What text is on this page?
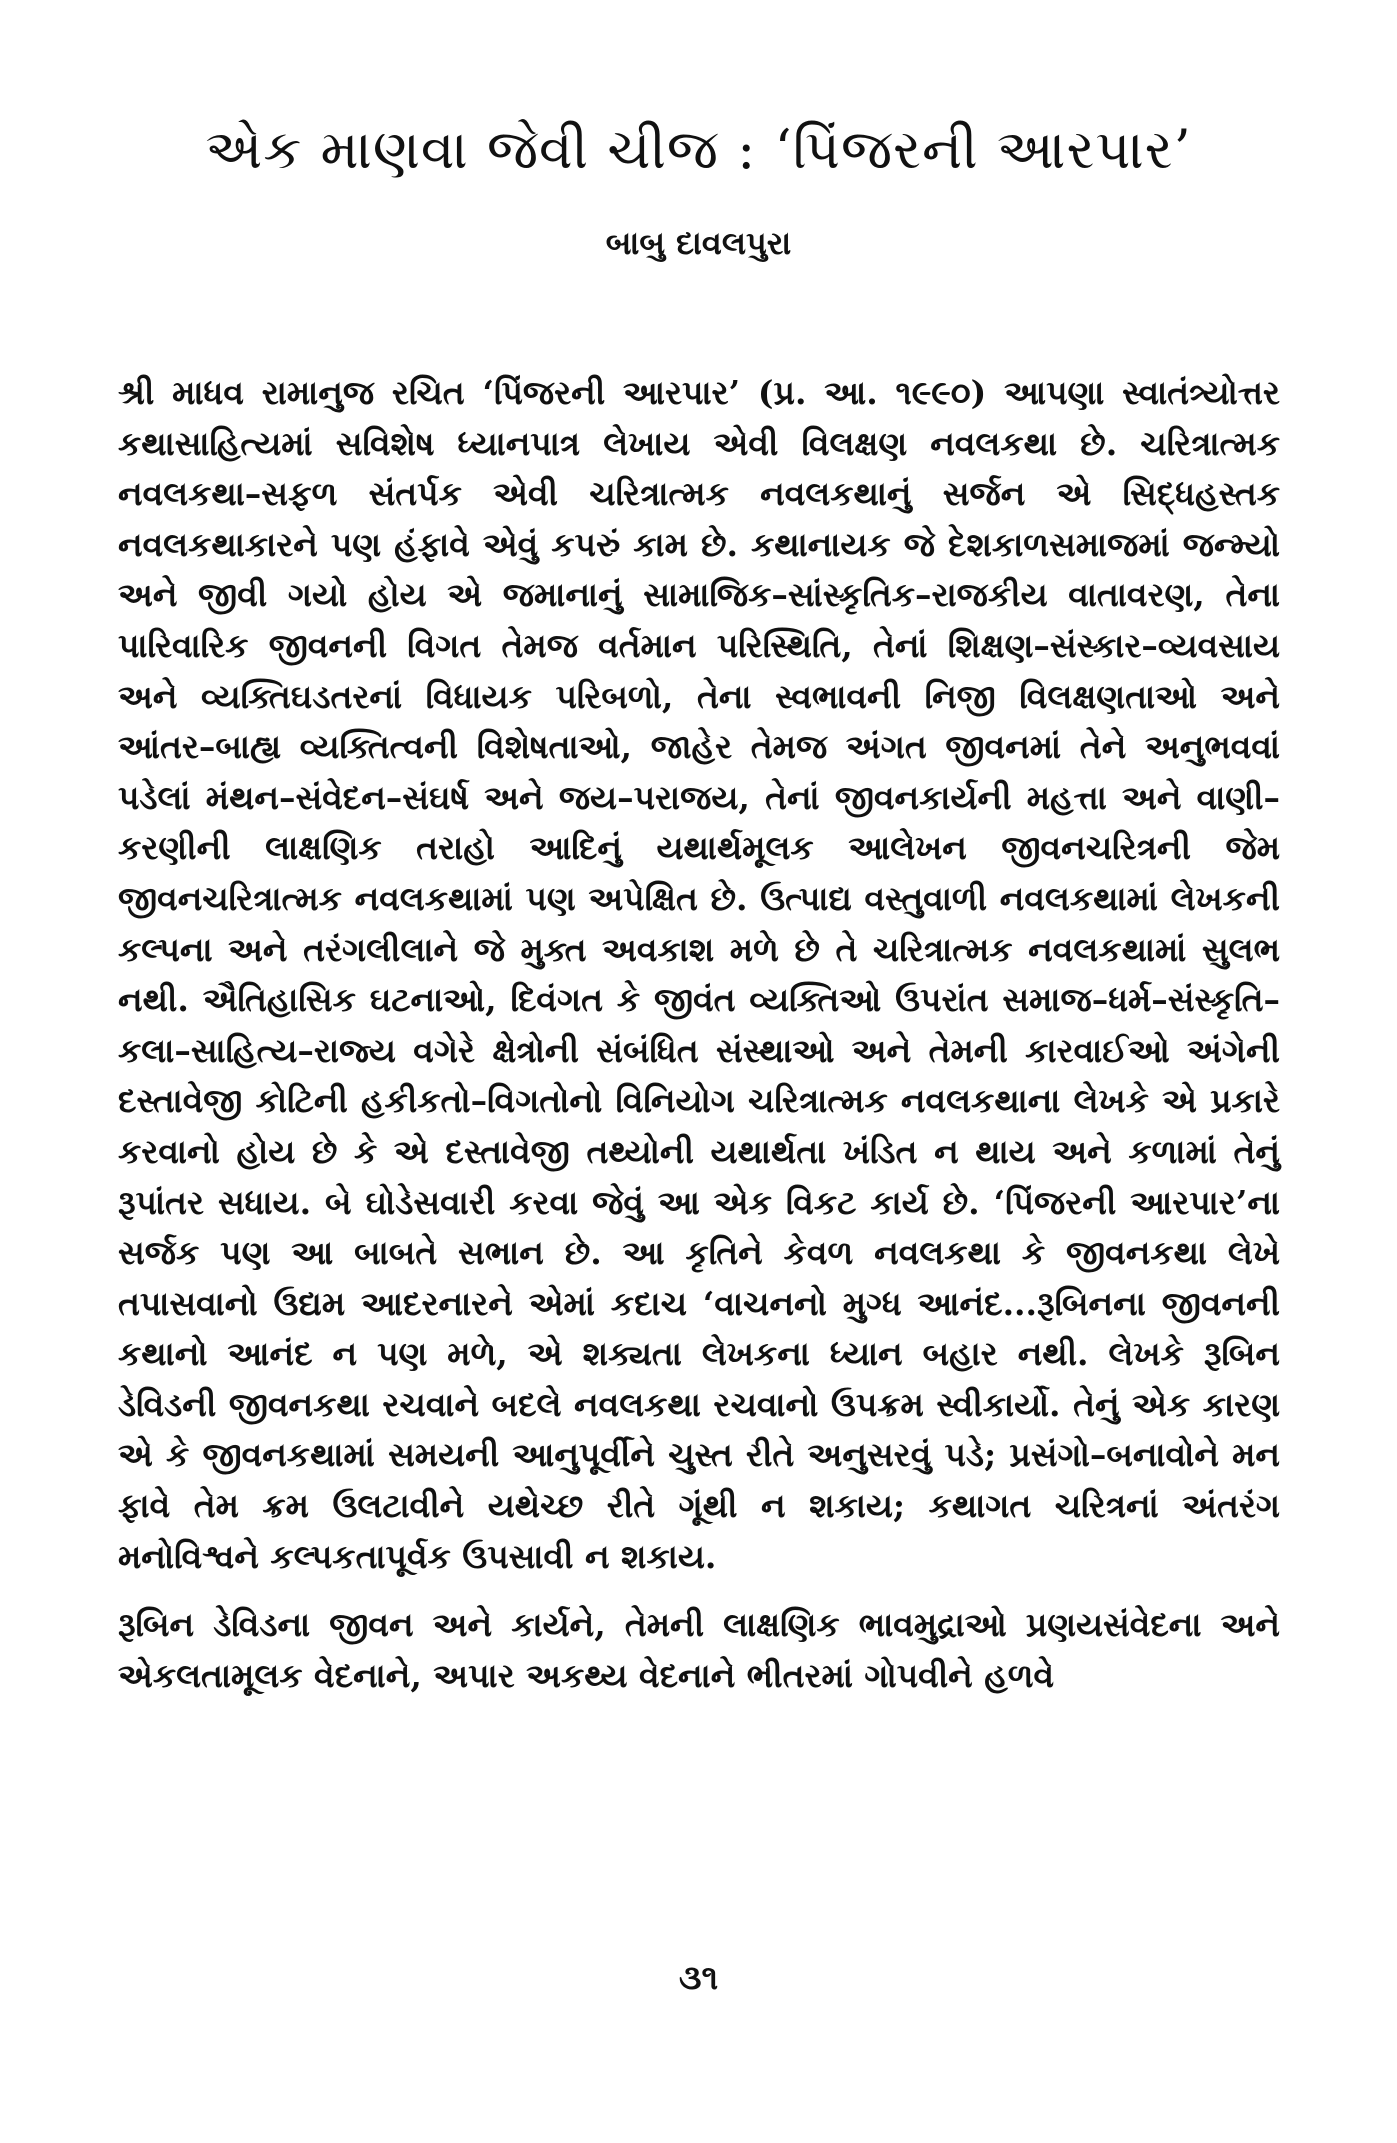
એક માણવા જેવી ચીજ : ‘પિંજરની આરપાર’
બાબુ દાવલપુરા

શ્રી માધવ રામાનુજ રચિત ‘પિંજરની આરપાર’ (પ્ર. આ. ૧૯૯૦) આપણા સ્વાતંત્ર્યોત્તર કથાસાહિત્યમાં સવિશેષ ધ્યાનપાત્ર લેખાય એવી વિલક્ષણ નવલકથા છે. ચરિત્રાત્મક નવલકથા–સફળ સંતર્પક એવી ચરિત્રાત્મક નવલકથાનું સર્જન એ સિદ્ધહસ્તક નવલકથાકારને પણ હંફાવે એવું કપરું કામ છે. કથાનાયક જે દેશકાળસમાજમાં જન્મ્યો અને જીવી ગયો હોય એ જમાનાનું સામાજિક–સાંસ્કૃતિક–રાજકીય વાતાવરણ, તેના પારિવારિક જીવનની વિગત તેમજ વર્તમાન પરિસ્થિતિ, તેનાં શિક્ષણ–સંસ્કાર–વ્યવસાય અને વ્યક્તિઘડતરનાં વિધાયક પરિબળો, તેના સ્વભાવની નિજી વિલક્ષણતાઓ અને આંતર–બાહ્ય વ્યક્તિત્વની વિશેષતાઓ, જાહેર તેમજ અંગત જીવનમાં તેને અનુભવવાં પડેલાં મંથન–સંવેદન–સંઘર્ષ અને જય–પરાજય, તેનાં જીવનકાર્યની મહત્તા અને વાણી–કરણીની લાક્ષણિક તરાહો આદિનું યથાર્થમૂલક આલેખન જીવનચરિત્રની જેમ જીવનચરિત્રાત્મક નવલકથામાં પણ અપેક્ષિત છે. ઉત્પાદ્ય વસ્તુવાળી નવલકથામાં લેખકની કલ્પના અને તરંગલીલાને જે મુક્ત અવકાશ મળે છે તે ચરિત્રાત્મક નવલકથામાં સુલભ નથી. ઐતિહાસિક ઘટનાઓ, દિવંગત કે જીવંત વ્યક્તિઓ ઉપરાંત સમાજ–ધર્મ–સંસ્કૃતિ–કલા–સાહિત્ય–રાજ્ય વગેરે ક્ષેત્રોની સંબંધિત સંસ્થાઓ અને તેમની કારવાઈઓ અંગેની દસ્તાવેજી કોટિની હકીકતો–વિગતોનો વિનિયોગ ચરિત્રાત્મક નવલકથાના લેખકે એ પ્રકારે કરવાનો હોય છે કે એ દસ્તાવેજી તથ્યોની યથાર્થતા ખંડિત ન થાય અને કળામાં તેનું રૂપાંતર સધાય. બે ઘોડેસવારી કરવા જેવું આ એક વિકટ કાર્ય છે. ‘પિંજરની આરપાર’ના સર્જક પણ આ બાબતે સભાન છે. આ કૃતિને કેવળ નવલકથા કે જીવનકથા લેખે તપાસવાનો ઉદ્યમ આદરનારને એમાં કદાચ ‘વાચનનો મુગ્ધ આનંદ...રૂબિનના જીવનની કથાનો આનંદ ન પણ મળે, એ શક્યતા લેખકના ધ્યાન બહાર નથી. લેખકે રૂબિન ડેવિડની જીવનકથા રચવાને બદલે નવલકથા રચવાનો ઉપક્રમ સ્વીકાર્યો. તેનું એક કારણ એ કે જીવનકથામાં સમયની આનુપૂર્વીને ચુસ્ત રીતે અનુસરવું પડે; પ્રસંગો–બનાવોને મન ફાવે તેમ ક્રમ ઉલટાવીને યથેચ્છ રીતે ગૂંથી ન શકાય; કથાગત ચરિત્રનાં અંતરંગ મનોવિશ્વને કલ્પકતાપૂર્વક ઉપસાવી ન શકાય.

રૂબિન ડેવિડના જીવન અને કાર્યને, તેમની લાક્ષણિક ભાવમુદ્રાઓ પ્રણયસંવેદના અને એકલતામૂલક વેદનાને, અપાર અકથ્ય વેદનાને ભીતરમાં ગોપવીને હળવે

૩૧
